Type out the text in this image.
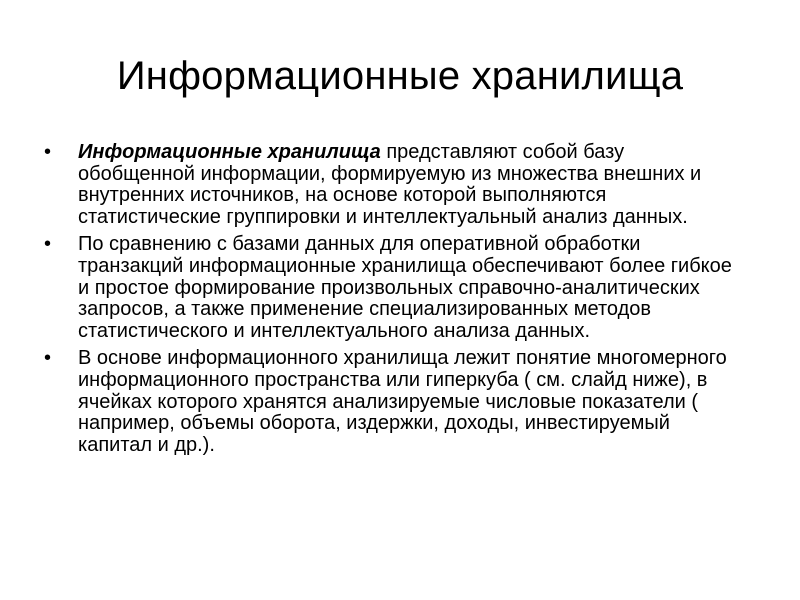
Информационные хранилища
•	Информационные хранилища представляют собой базу обобщенной информации, формируемую из множества внешних и внутренних источников, на основе которой выполняются статистические группировки и интеллектуальный анализ данных.
•	По сравнению с базами данных для оперативной обработки транзакций информационные хранилища обеспечивают более гибкое и простое формирование произвольных справочно-аналитических запросов, а также применение специализированных методов статистического и интеллектуального анализа данных.
•	В основе информационного хранилища лежит понятие многомерного информационного пространства или гиперкуба ( см. слайд ниже), в ячейках которого хранятся анализируемые числовые показатели ( например, объемы оборота, издержки, доходы, инвестируемый капитал и др.).
